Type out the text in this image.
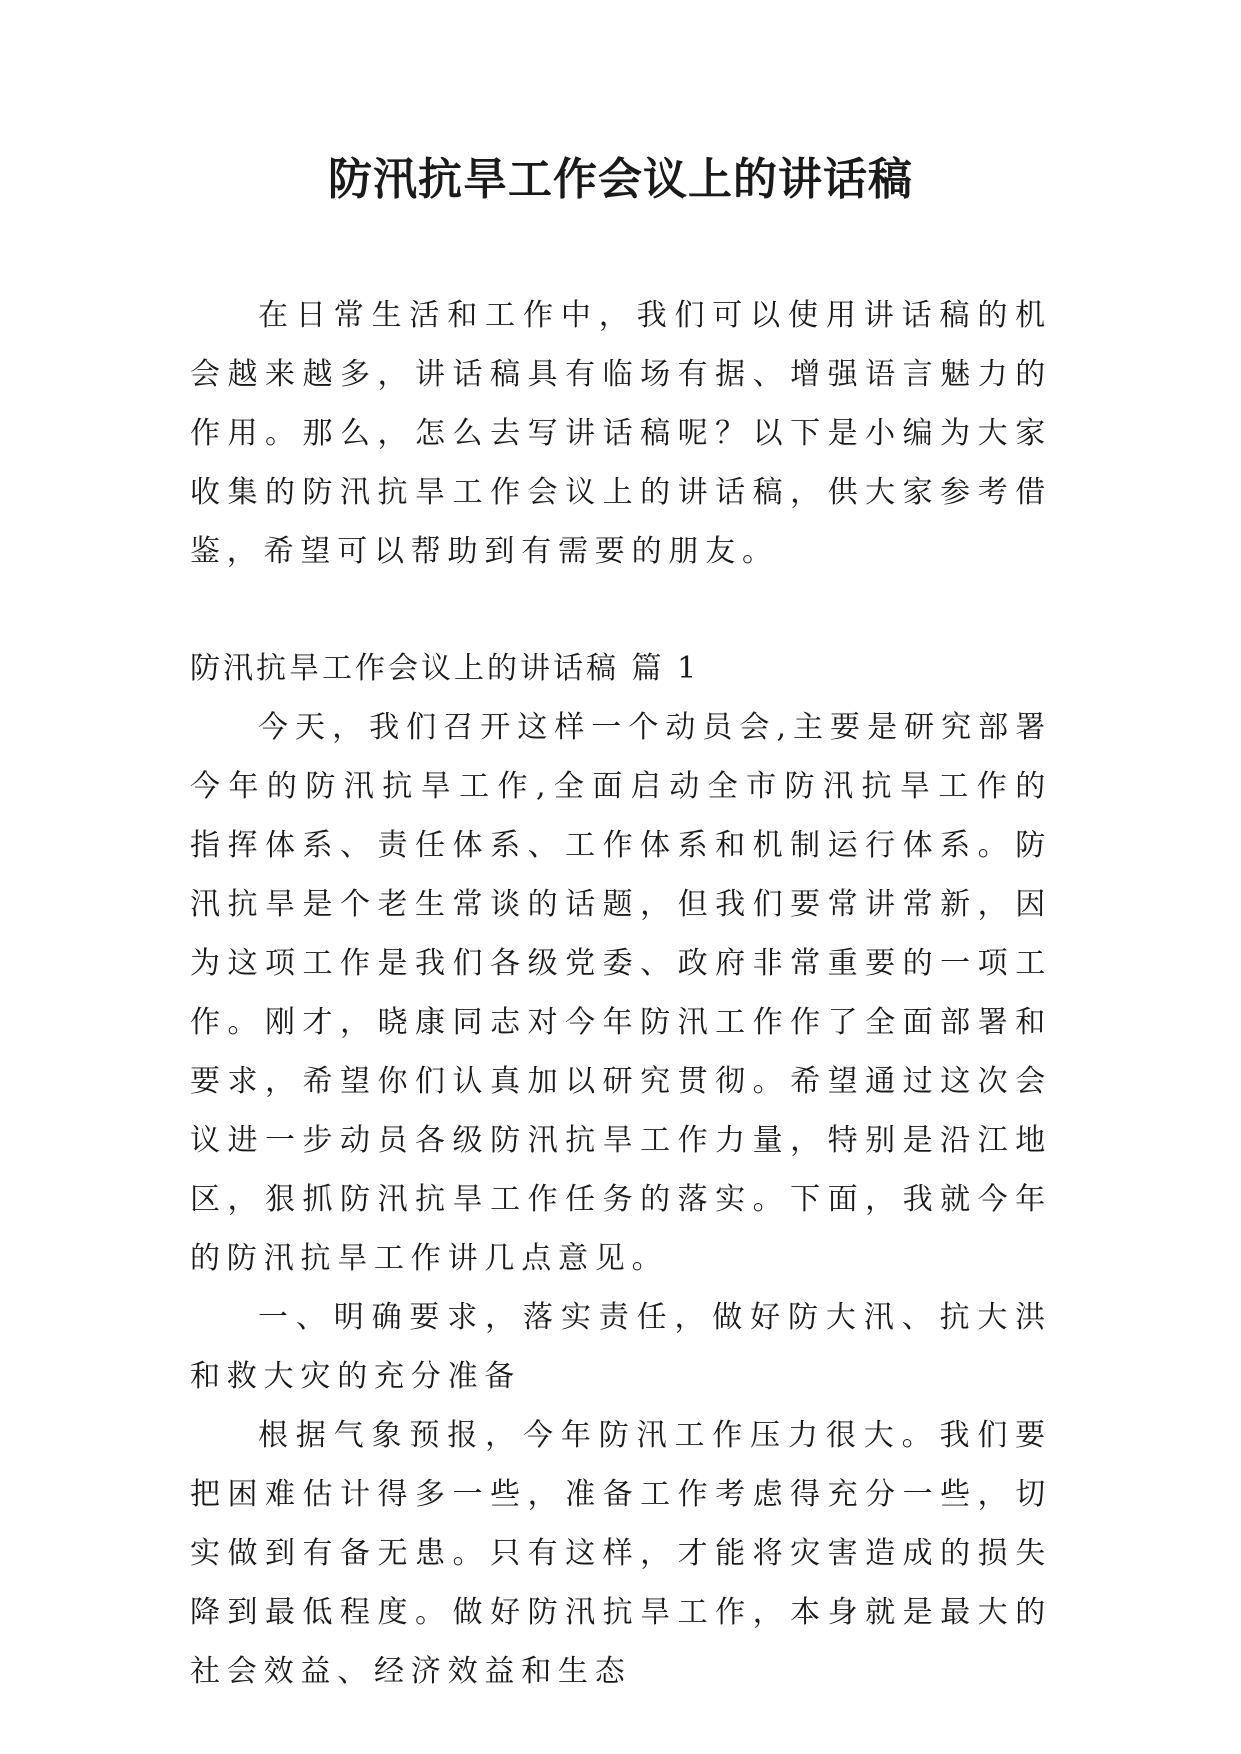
防汛抗旱工作会议上的讲话稿

在日常生活和工作中，我们可以使用讲话稿的机会越来越多，讲话稿具有临场有据、增强语言魅力的作用。那么，怎么去写讲话稿呢？以下是小编为大家收集的防汛抗旱工作会议上的讲话稿，供大家参考借鉴，希望可以帮助到有需要的朋友。

防汛抗旱工作会议上的讲话稿 篇 1

今天，我们召开这样一个动员会,主要是研究部署今年的防汛抗旱工作,全面启动全市防汛抗旱工作的指挥体系、责任体系、工作体系和机制运行体系。防汛抗旱是个老生常谈的话题，但我们要常讲常新，因为这项工作是我们各级党委、政府非常重要的一项工作。刚才，晓康同志对今年防汛工作作了全面部署和要求，希望你们认真加以研究贯彻。希望通过这次会议进一步动员各级防汛抗旱工作力量，特别是沿江地区，狠抓防汛抗旱工作任务的落实。下面，我就今年的防汛抗旱工作讲几点意见。

一、明确要求，落实责任，做好防大汛、抗大洪和救大灾的充分准备

根据气象预报，今年防汛工作压力很大。我们要把困难估计得多一些，准备工作考虑得充分一些，切实做到有备无患。只有这样，才能将灾害造成的损失降到最低程度。做好防汛抗旱工作，本身就是最大的社会效益、经济效益和生态
